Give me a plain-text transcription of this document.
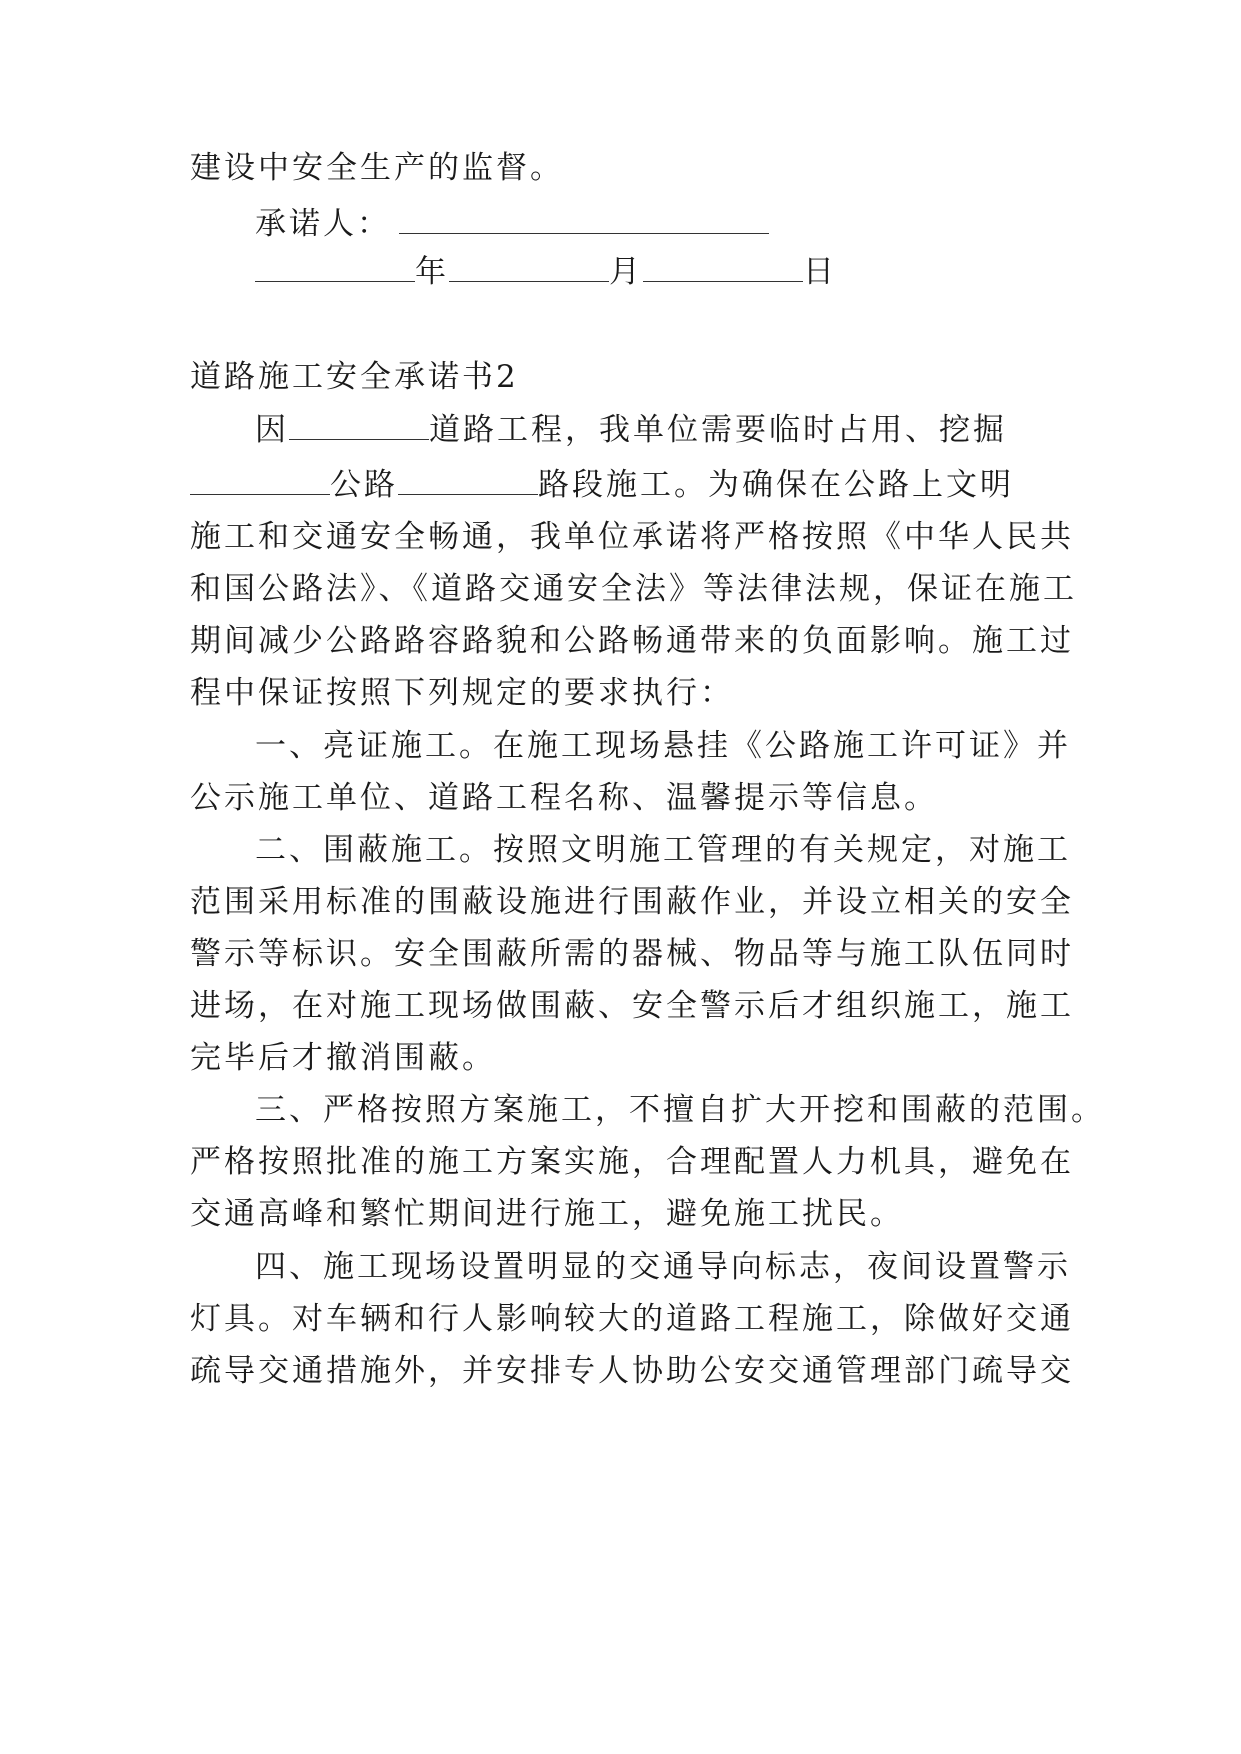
建设中安全生产的监督。
承诺人：
年	月	日
道路施工安全承诺书2
因	道路工程，我单位需要临时占用、挖掘
公路	路段施工。为确保在公路上文明
施工和交通安全畅通，我单位承诺将严格按照《中华人民共
和国公路法》、《道路交通安全法》等法律法规，保证在施工
期间减少公路路容路貌和公路畅通带来的负面影响。施工过
程中保证按照下列规定的要求执行：
一、亮证施工。在施工现场悬挂《公路施工许可证》并
公示施工单位、道路工程名称、温馨提示等信息。
二、围蔽施工。按照文明施工管理的有关规定，对施工
范围采用标准的围蔽设施进行围蔽作业，并设立相关的安全
警示等标识。安全围蔽所需的器械、物品等与施工队伍同时
进场，在对施工现场做围蔽、安全警示后才组织施工，施工
完毕后才撤消围蔽。
三、严格按照方案施工，不擅自扩大开挖和围蔽的范围。
严格按照批准的施工方案实施，合理配置人力机具，避免在
交通高峰和繁忙期间进行施工，避免施工扰民。
四、施工现场设置明显的交通导向标志，夜间设置警示
灯具。对车辆和行人影响较大的道路工程施工，除做好交通
疏导交通措施外，并安排专人协助公安交通管理部门疏导交
